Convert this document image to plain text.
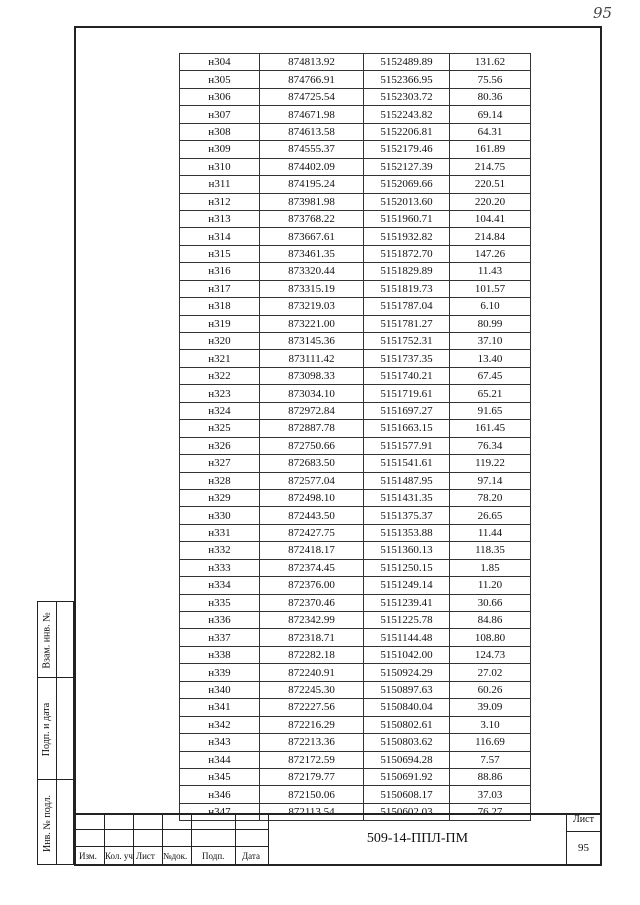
95
н304	874813.92	5152489.89	131.62
н305	874766.91	5152366.95	75.56
н306	874725.54	5152303.72	80.36
н307	874671.98	5152243.82	69.14
н308	874613.58	5152206.81	64.31
н309	874555.37	5152179.46	161.89
н310	874402.09	5152127.39	214.75
н311	874195.24	5152069.66	220.51
н312	873981.98	5152013.60	220.20
н313	873768.22	5151960.71	104.41
н314	873667.61	5151932.82	214.84
н315	873461.35	5151872.70	147.26
н316	873320.44	5151829.89	11.43
н317	873315.19	5151819.73	101.57
н318	873219.03	5151787.04	6.10
н319	873221.00	5151781.27	80.99
н320	873145.36	5151752.31	37.10
н321	873111.42	5151737.35	13.40
н322	873098.33	5151740.21	67.45
н323	873034.10	5151719.61	65.21
н324	872972.84	5151697.27	91.65
н325	872887.78	5151663.15	161.45
н326	872750.66	5151577.91	76.34
н327	872683.50	5151541.61	119.22
н328	872577.04	5151487.95	97.14
н329	872498.10	5151431.35	78.20
н330	872443.50	5151375.37	26.65
н331	872427.75	5151353.88	11.44
н332	872418.17	5151360.13	118.35
н333	872374.45	5151250.15	1.85
н334	872376.00	5151249.14	11.20
н335	872370.46	5151239.41	30.66
н336	872342.99	5151225.78	84.86
н337	872318.71	5151144.48	108.80
н338	872282.18	5151042.00	124.73
н339	872240.91	5150924.29	27.02
н340	872245.30	5150897.63	60.26
н341	872227.56	5150840.04	39.09
н342	872216.29	5150802.61	3.10
н343	872213.36	5150803.62	116.69
н344	872172.59	5150694.28	7.57
н345	872179.77	5150691.92	88.86
н346	872150.06	5150608.17	37.03
н347	872113.54	5150602.03	76.27
Взам. инв. №
Подп. и дата
Инв. № подл.
Изм. Кол. уч Лист №док. Подп. Дата
509-14-ППЛ-ПМ
Лист
95
